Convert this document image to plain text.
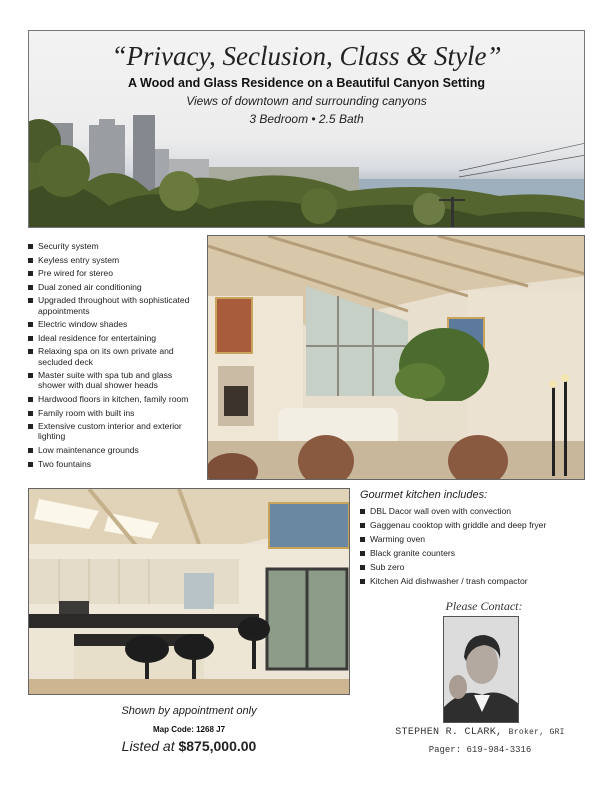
“Privacy, Seclusion, Class & Style”
A Wood and Glass Residence on a Beautiful Canyon Setting
Views of downtown and surrounding canyons
3 Bedroom • 2.5 Bath
Security system
Keyless entry system
Pre wired for stereo
Dual zoned air conditioning
Upgraded throughout with sophisticated appointments
Electric window shades
Ideal residence for entertaining
Relaxing spa on its own private and secluded deck
Master suite with spa tub and glass shower with dual shower heads
Hardwood floors in kitchen, family room
Family room with built ins
Extensive custom interior and exterior lighting
Low maintenance grounds
Two fountains
Gourmet kitchen includes:
DBL Dacor wall oven with convection
Gaggenau cooktop with griddle and deep fryer
Warming oven
Black granite counters
Sub zero
Kitchen Aid dishwasher / trash compactor
Please Contact:
STEPHEN R. CLARK, Broker, GRI
Pager: 619-984-3316
Shown by appointment only
Map Code: 1268 J7
Listed at $875,000.00
